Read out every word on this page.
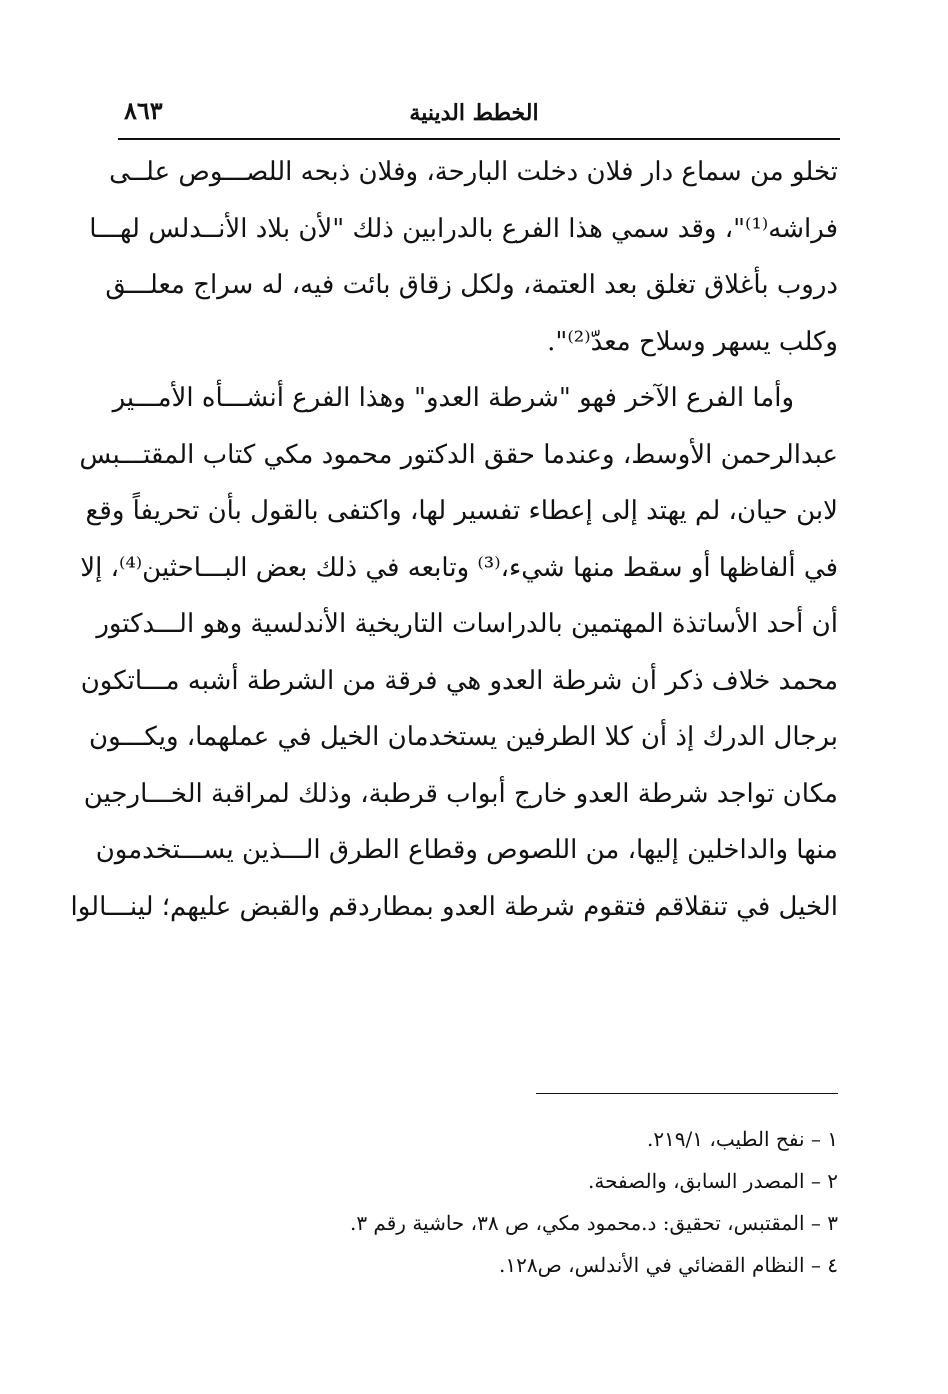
٨٦٣	الخطط الدينية
تخلو من سماع دار فلان دخلت البارحة، وفلان ذبحه اللصـــوص علــى
فراشه⁽¹⁾"، وقد سمي هذا الفرع بالدرابين ذلك "لأن بلاد الأنــدلس لهـــا
دروب بأغلاق تغلق بعد العتمة، ولكل زقاق بائت فيه، له سراج معلـــق
وكلب يسهر وسلاح معدّ⁽²⁾".
وأما الفرع الآخر فهو "شرطة العدو" وهذا الفرع أنشـــأه الأمـــير
عبدالرحمن الأوسط، وعندما حقق الدكتور محمود مكي كتاب المقتـــبس
لابن حيان، لم يهتد إلى إعطاء تفسير لها، واكتفى بالقول بأن تحريفاً وقع
في ألفاظها أو سقط منها شيء،⁽³⁾ وتابعه في ذلك بعض البـــاحثين⁽⁴⁾، إلا
أن أحد الأساتذة المهتمين بالدراسات التاريخية الأندلسية وهو الـــدكتور
محمد خلاف ذكر أن شرطة العدو هي فرقة من الشرطة أشبه مـــاتكون
برجال الدرك إذ أن كلا الطرفين يستخدمان الخيل في عملهما، ويكـــون
مكان تواجد شرطة العدو خارج أبواب قرطبة، وذلك لمراقبة الخـــارجين
منها والداخلين إليها، من اللصوص وقطاع الطرق الـــذين يســـتخدمون
الخيل في تنقلاقم فتقوم شرطة العدو بمطاردقم والقبض عليهم؛ لينـــالوا
١ – نفح الطيب، ٢١٩/١.
٢ – المصدر السابق، والصفحة.
٣ – المقتبس، تحقيق: د.محمود مكي، ص ٣٨، حاشية رقم ٣.
٤ – النظام القضائي في الأندلس، ص١٢٨.
